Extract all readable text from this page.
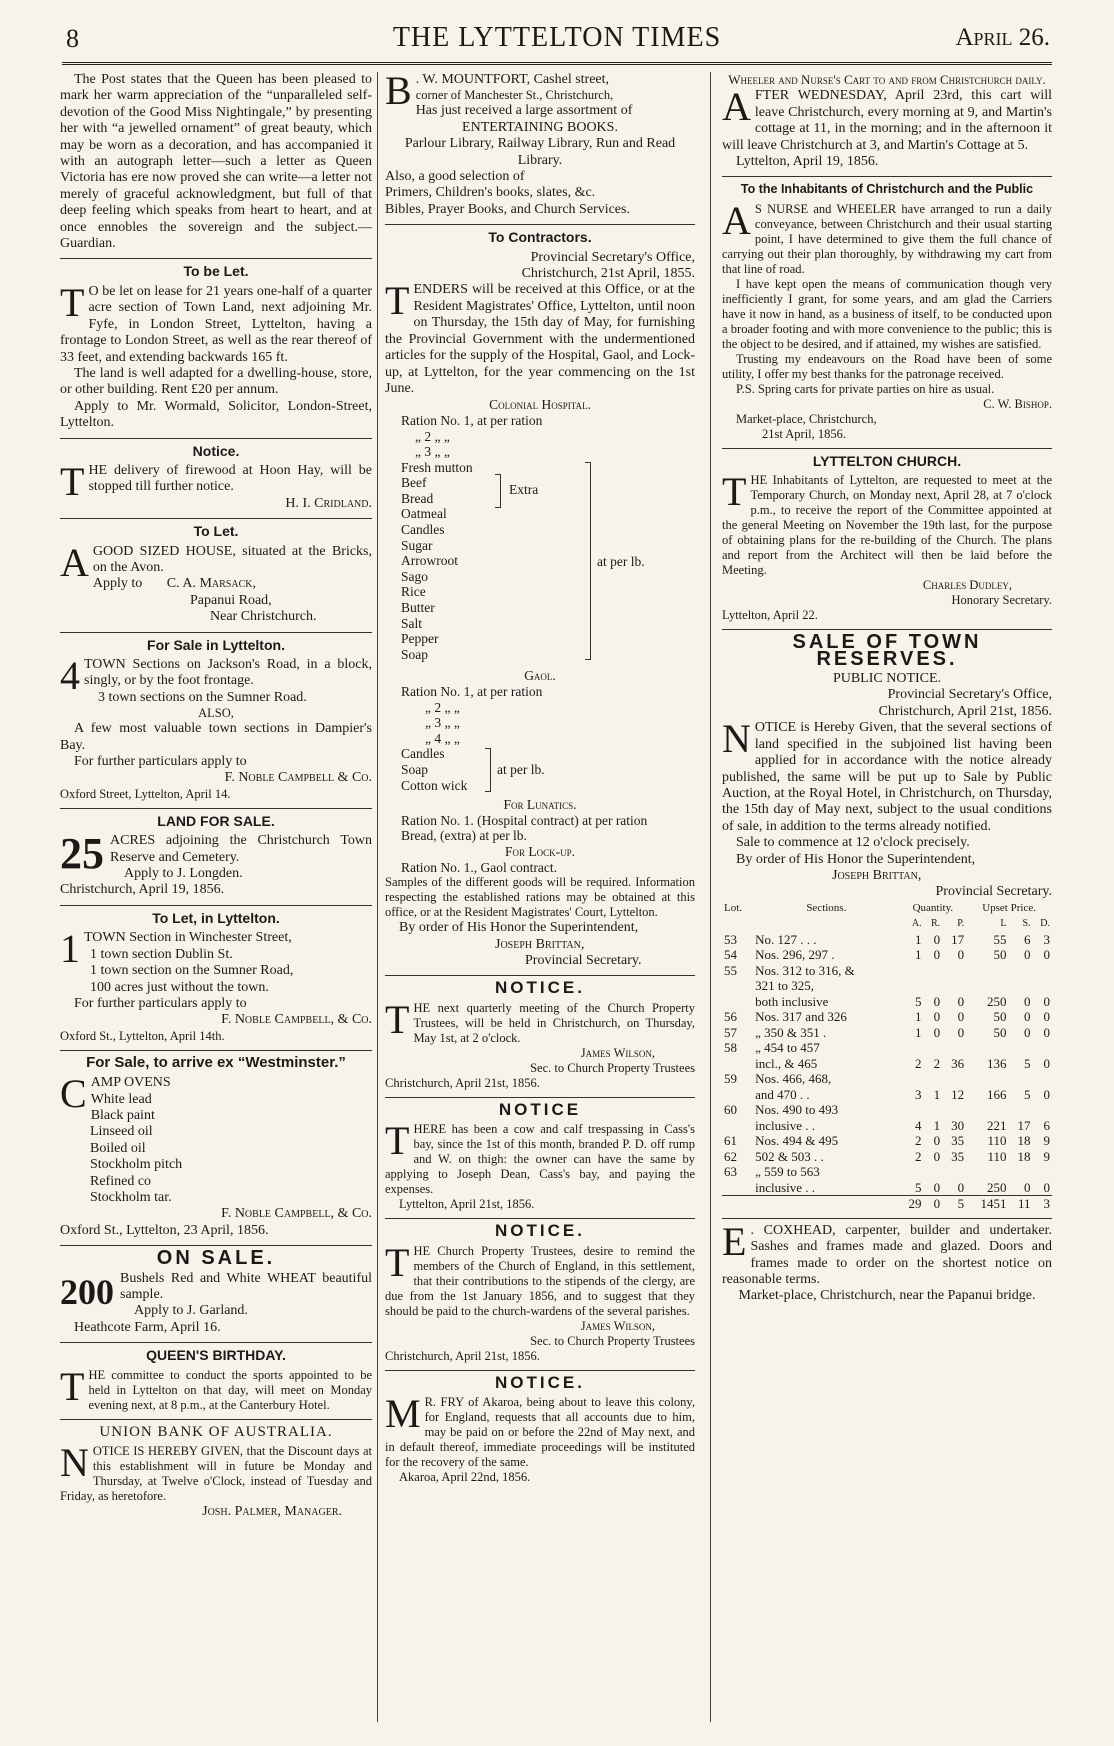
8	THE LYTTELTON TIMES	April 26.

The Post states that the Queen has been pleased to mark her warm appreciation of the “unparalleled self-devotion of the Good Miss Nightingale,” by presenting her with “a jewelled ornament” of great beauty, which may be worn as a decoration, and has accompanied it with an autograph letter—such a letter as Queen Victoria has ere now proved she can write—a letter not merely of graceful acknowledgment, but full of that deep feeling which speaks from heart to heart, and at once ennobles the sovereign and the subject.—Guardian.

To be Let.

T O be let on lease for 21 years one-half of a quarter acre section of Town Land, next adjoining Mr. Fyfe, in London Street, Lyttelton, having a frontage to London Street, as well as the rear thereof of 33 feet, and extending backwards 165 ft.

The land is well adapted for a dwelling-house, store, or other building. Rent £20 per annum.

Apply to Mr. Wormald, Solicitor, London-Street, Lyttelton.

Notice.

THE delivery of firewood at Hoon Hay, will be stopped till further notice.

H. I. Cridland.

To Let.

AGOOD SIZED HOUSE, situated at the Bricks, on the Avon.

Apply to C. A. Marsack,

Papanui Road,

Near Christchurch.

For Sale in Lyttelton.

4 TOWN Sections on Jackson's Road, in a block, singly, or by the foot frontage.

3 town sections on the Sumner Road.

ALSO,

A few most valuable town sections in Dampier's Bay.

For further particulars apply to

F. Noble Campbell & Co.

Oxford Street, Lyttelton, April 14.

LAND FOR SALE.

25 ACRES adjoining the Christchurch Town Reserve and Cemetery.

Apply to J. Longden.

Christchurch, April 19, 1856.

To Let, in Lyttelton.

1 TOWN Section in Winchester Street,

1 town section Dublin St.

1 town section on the Sumner Road,

100 acres just without the town.

For further particulars apply to

F. Noble Campbell, & Co.

Oxford St., Lyttelton, April 14th.

For Sale, to arrive ex “Westminster.”

CAMP OVENS

White lead

Black paint

Linseed oil

Boiled oil

Stockholm pitch

Refined co

Stockholm tar.

F. Noble Campbell, & Co.

Oxford St., Lyttelton, 23 April, 1856.

ON SALE.

200 Bushels Red and White WHEAT beautiful sample.

Apply to J. Garland.

Heathcote Farm, April 16.

QUEEN'S BIRTHDAY.

THE committee to conduct the sports appointed to be held in Lyttelton on that day, will meet on Monday evening next, at 8 p.m., at the Canterbury Hotel.

UNION BANK OF AUSTRALIA.

NOTICE IS HEREBY GIVEN, that the Discount days at this establishment will in future be Monday and Thursday, at Twelve o'Clock, instead of Tuesday and Friday, as heretofore.

Josh. Palmer, Manager.

B . W. MOUNTFORT, Cashel street,

corner of Manchester St., Christchurch,

Has just received a large assortment of

ENTERTAINING BOOKS.

Parlour Library, Railway Library, Run and Read Library.

Also, a good selection of

Primers, Children's books, slates, &c.

Bibles, Prayer Books, and Church Services.

To Contractors.

Provincial Secretary's Office,

Christchurch, 21st April, 1855.

TENDERS will be received at this Office, or at the Resident Magistrates' Office, Lyttelton, until noon on Thursday, the 15th day of May, for furnishing the Provincial Government with the undermentioned articles for the supply of the Hospital, Gaol, and Lock-up, at Lyttelton, for the year commencing on the 1st June.

Colonial Hospital.

Ration No. 1, at per ration

„ 2 „ „

„ 3 „ „

Fresh mutton

Beef

Bread

Oatmeal

Candles

Sugar

Arrowroot

Sago

Rice

Butter

Salt

Pepper

Soap

Extra
at per lb.

Gaol.

Ration No. 1, at per ration

„ 2 „ „

„ 3 „ „

„ 4 „ „

Candles

Soap

Cotton wick

at per lb.

For Lunatics.

Ration No. 1. (Hospital contract) at per ration

Bread, (extra) at per lb.

For Lock-up.

Ration No. 1., Gaol contract.

Samples of the different goods will be required. Information respecting the established rations may be obtained at this office, or at the Resident Magistrates' Court, Lyttelton.

By order of His Honor the Superintendent,

Joseph Brittan,

Provincial Secretary.

NOTICE.

THE next quarterly meeting of the Church Property Trustees, will be held in Christchurch, on Thursday, May 1st, at 2 o'clock.

James Wilson,

Sec. to Church Property Trustees

Christchurch, April 21st, 1856.

NOTICE

THERE has been a cow and calf trespassing in Cass's bay, since the 1st of this month, branded P. D. off rump and W. on thigh: the owner can have the same by applying to Joseph Dean, Cass's bay, and paying the expenses.

Lyttelton, April 21st, 1856.

NOTICE.

THE Church Property Trustees, desire to remind the members of the Church of England, in this settlement, that their contributions to the stipends of the clergy, are due from the 1st January 1856, and to suggest that they should be paid to the church-wardens of the several parishes.

James Wilson,

Sec. to Church Property Trustees

Christchurch, April 21st, 1856.

NOTICE.

M R. FRY of Akaroa, being about to leave this colony, for England, requests that all accounts due to him, may be paid on or before the 22nd of May next, and in default thereof, immediate proceedings will be instituted for the recovery of the same.

Akaroa, April 22nd, 1856.

Wheeler and Nurse's Cart to and from Christchurch daily.

AFTER WEDNESDAY, April 23rd, this cart will leave Christchurch, every morning at 9, and Martin's cottage at 11, in the morning; and in the afternoon it will leave Christchurch at 3, and Martin's Cottage at 5.

Lyttelton, April 19, 1856.

To the Inhabitants of Christchurch and the Public

A S NURSE and WHEELER have arranged to run a daily conveyance, between Christchurch and their usual starting point, I have determined to give them the full chance of carrying out their plan thoroughly, by withdrawing my cart from that line of road.

I have kept open the means of communication though very inefficiently I grant, for some years, and am glad the Carriers have it now in hand, as a business of itself, to be conducted upon a broader footing and with more convenience to the public; this is the object to be desired, and if attained, my wishes are satisfied.

Trusting my endeavours on the Road have been of some utility, I offer my best thanks for the patronage received.

P.S. Spring carts for private parties on hire as usual.

C. W. Bishop.

Market-place, Christchurch,

21st April, 1856.

LYTTELTON CHURCH.

THE Inhabitants of Lyttelton, are requested to meet at the Temporary Church, on Monday next, April 28, at 7 o'clock p.m., to receive the report of the Committee appointed at the general Meeting on November the 19th last, for the purpose of obtaining plans for the re-building of the Church. The plans and report from the Architect will then be laid before the Meeting.

Charles Dudley,

Honorary Secretary.

Lyttelton, April 22.

SALE OF TOWN RESERVES.

PUBLIC NOTICE.

Provincial Secretary's Office,

Christchurch, April 21st, 1856.

NOTICE is Hereby Given, that the several sections of land specified in the subjoined list having been applied for in accordance with the notice already published, the same will be put up to Sale by Public Auction, at the Royal Hotel, in Christchurch, on Thursday, the 15th day of May next, subject to the usual conditions of sale, in addition to the terms already notified.

Sale to commence at 12 o'clock precisely.

By order of His Honor the Superintendent,

Joseph Brittan,

Provincial Secretary.

Lot.	Sections.	Quantity.			Upset Price.		
		A.	R.	P.	L	S.	D.
53	No. 127 . . .	1	0	17	55	6	3
54	Nos. 296, 297 .	1	0	0	50	0	0
55	Nos. 312 to 316, &						
	321 to 325,						
	both inclusive	5	0	0	250	0	0
56	Nos. 317 and 326	1	0	0	50	0	0
57	„ 350 & 351 .	1	0	0	50	0	0
58	„ 454 to 457						
	incl., & 465	2	2	36	136	5	0
59	Nos. 466, 468,						
	and 470 . .	3	1	12	166	5	0
60	Nos. 490 to 493						
	inclusive . .	4	1	30	221	17	6
61	Nos. 494 & 495	2	0	35	110	18	9
62	502 & 503 . .	2	0	35	110	18	9
63	„ 559 to 563						
	inclusive . .	5	0	0	250	0	0
		29	0	5	1451	11	3

E . COXHEAD, carpenter, builder and undertaker. Sashes and frames made and glazed. Doors and frames made to order on the shortest notice on reasonable terms.

Market-place, Christchurch, near the Papanui bridge.
